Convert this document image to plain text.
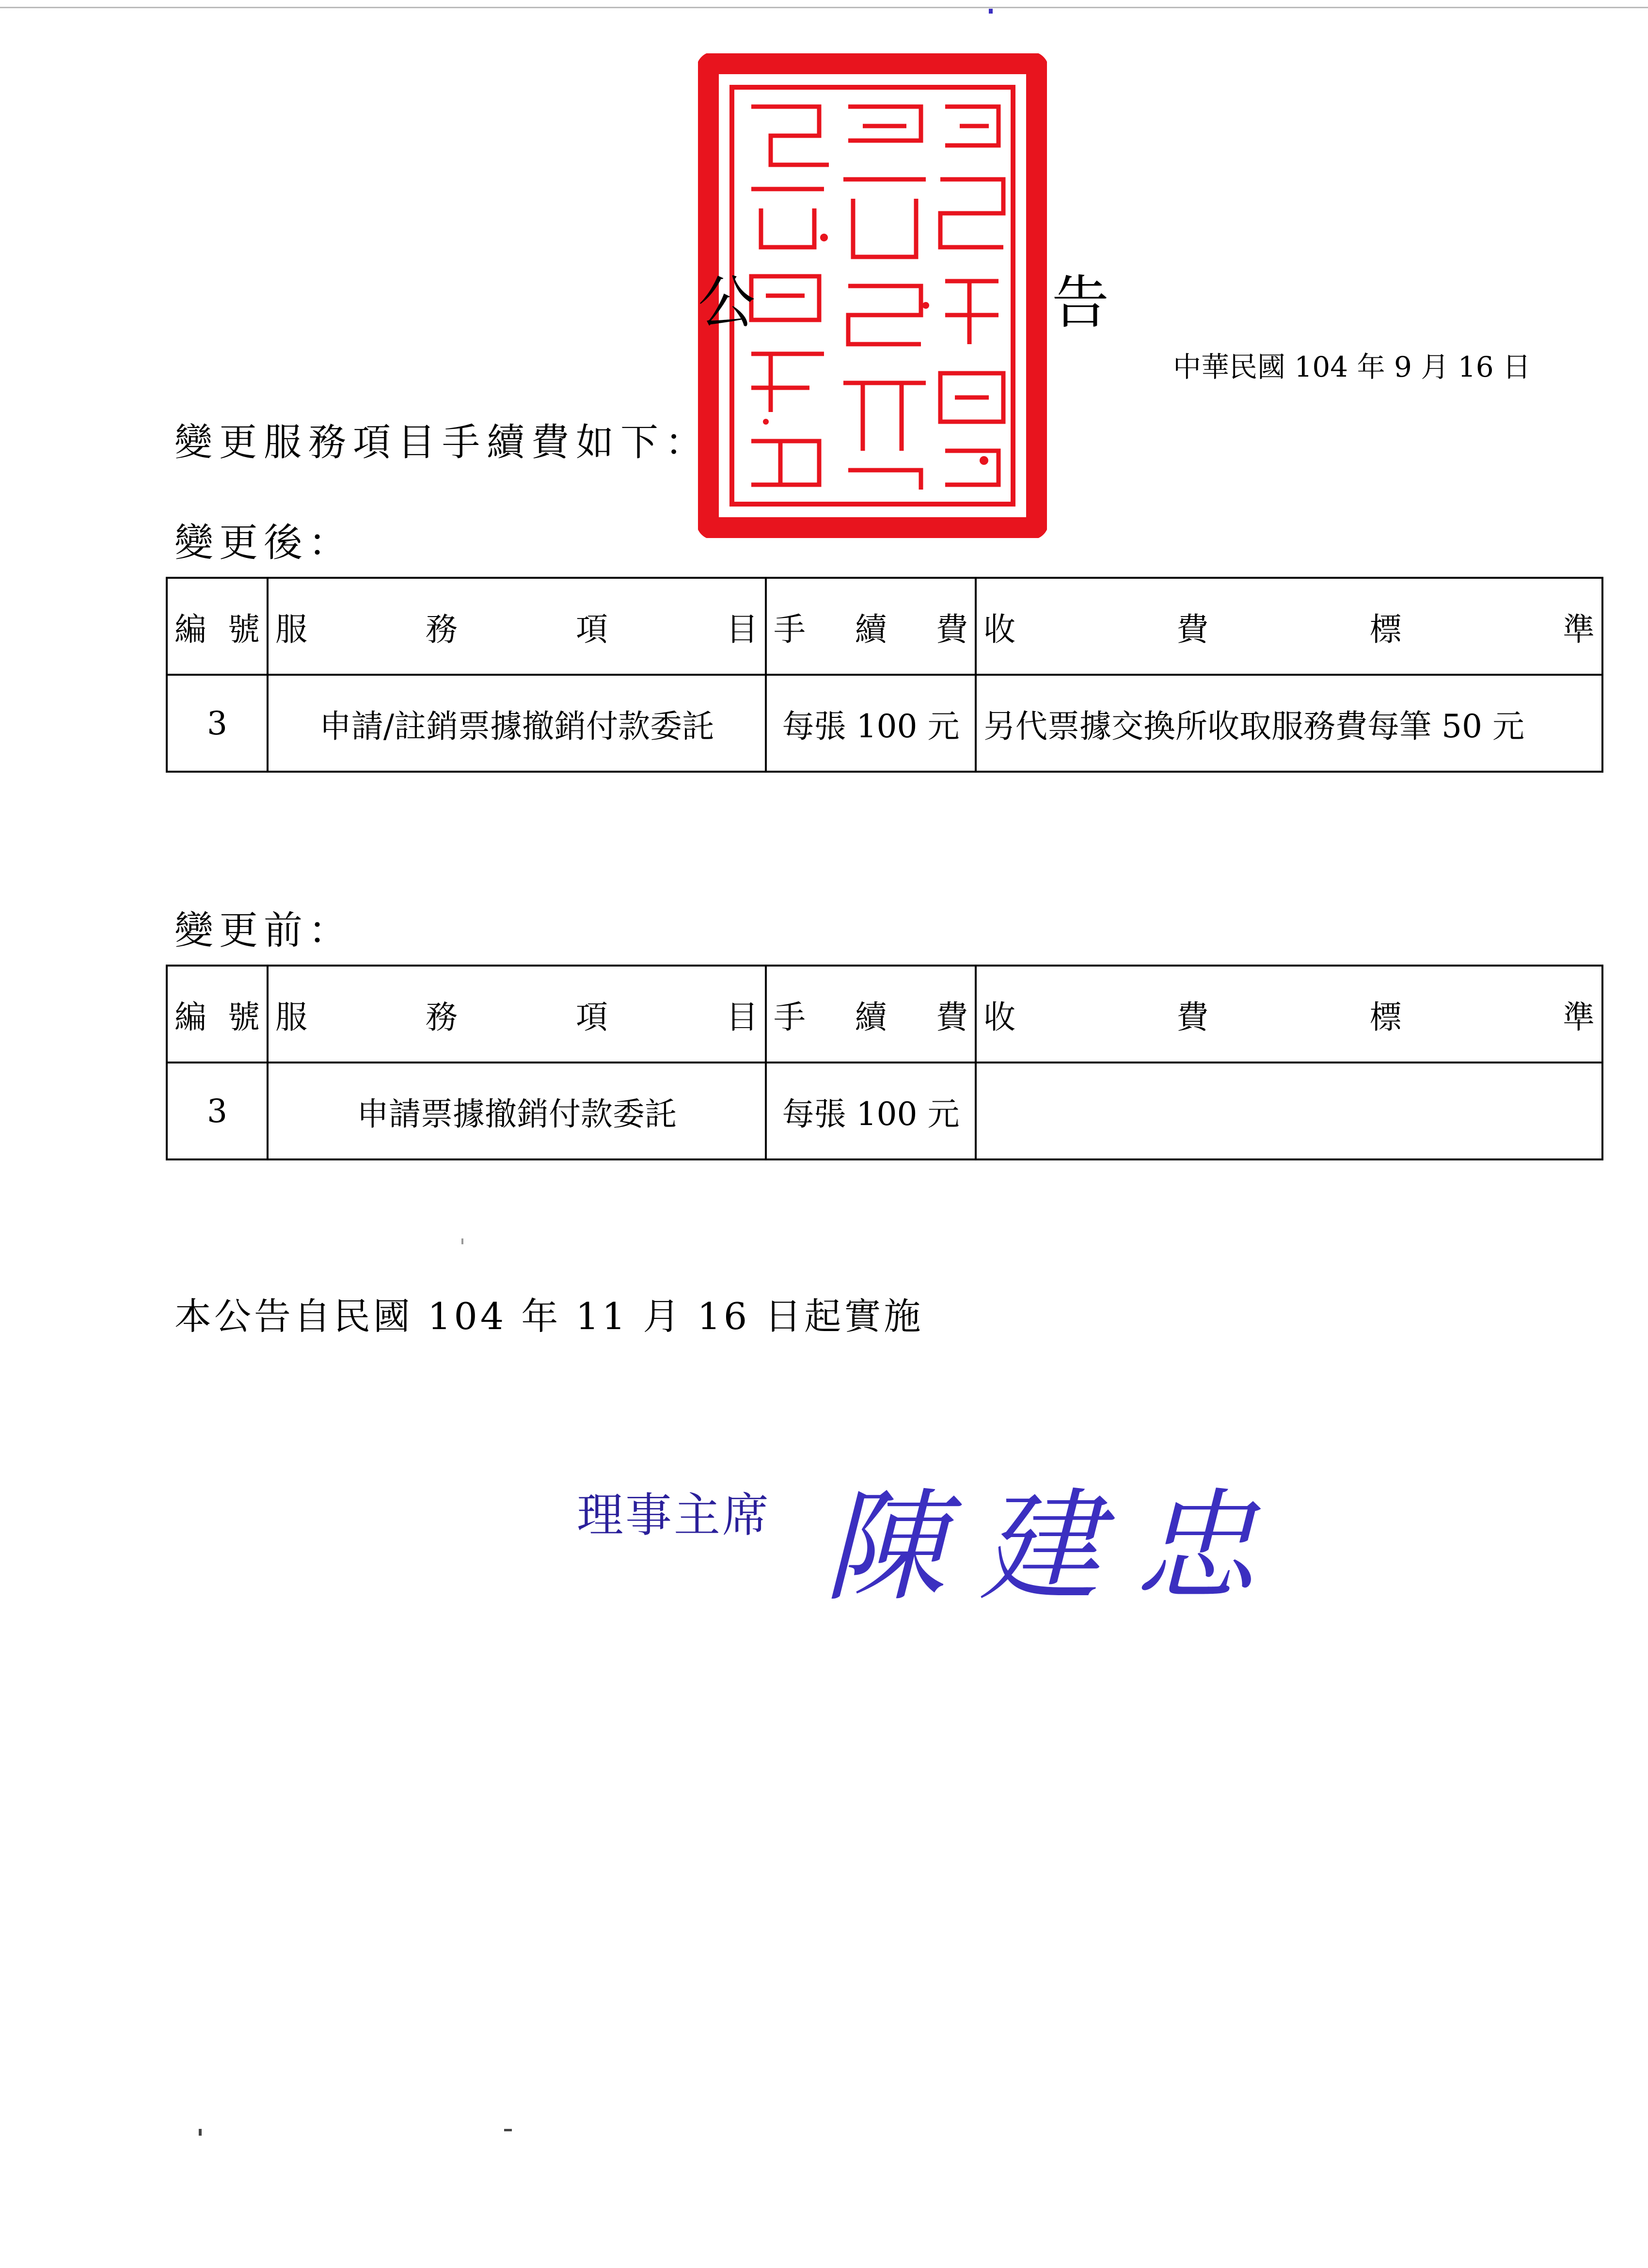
公	告
中華民國 104 年 9 月 16 日
變更服務項目手續費如下：
變更後：
編 號	服 務 項 目	手 續 費	收 費 標 準

3	申請/註銷票據撤銷付款委託	每張 100 元	另代票據交換所收取服務費每筆 50 元
變更前：
編 號	服 務 項 目	手 續 費	收 費 標 準

3	申請票據撤銷付款委託	每張 100 元	
本公告自民國 104 年 11 月 16 日起實施
理事主席 陳建忠
